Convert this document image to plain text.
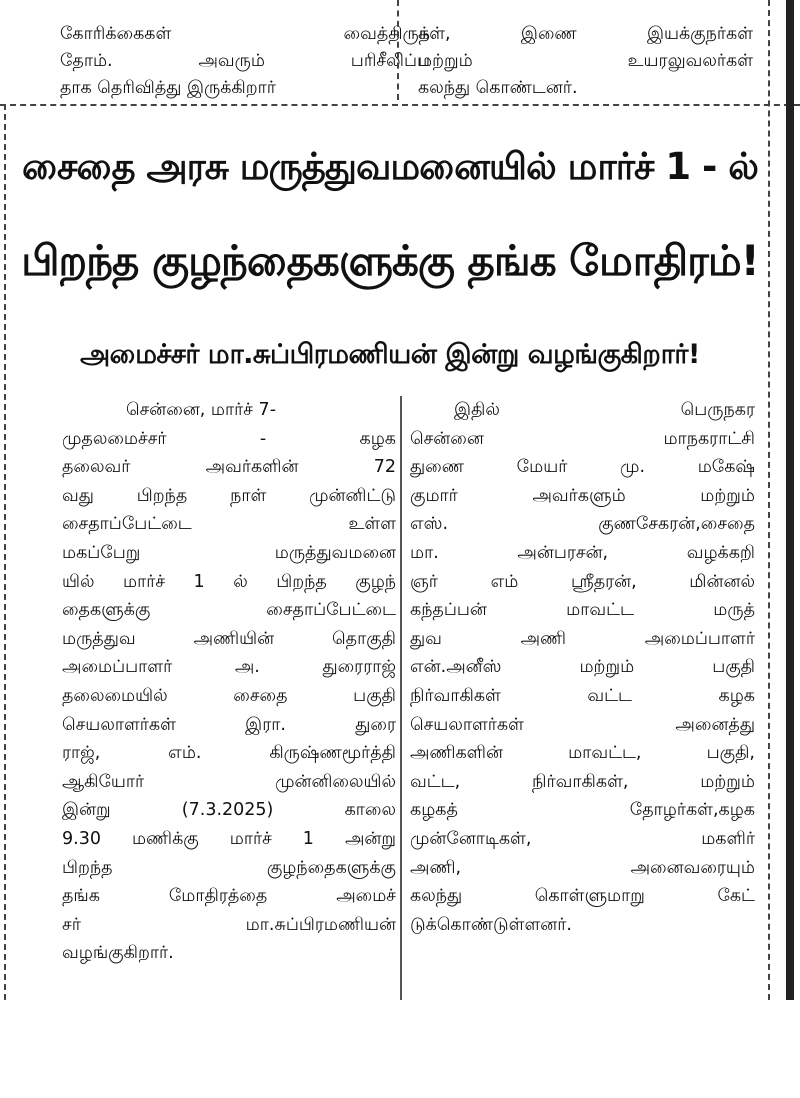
கோரிக்கைகள் வைத்திருந்

தோம். அவரும் பரிசீலிப்ப

தாக தெரிவித்து இருக்கிறார்

கள், இணை இயக்குநர்கள்

மற்றும் உயரலுவலர்கள்

கலந்து கொண்டனர்.

சைதை அரசு மருத்துவமனையில் மார்ச் 1 - ல்
பிறந்த குழந்தைகளுக்கு தங்க மோதிரம்!
அமைச்சர் மா.சுப்பிரமணியன் இன்று வழங்குகிறார்!

சென்னை, மார்ச் 7-

முதலமைச்சர் - கழக

தலைவர் அவர்களின் 72

வது பிறந்த நாள் முன்னிட்டு

சைதாப்பேட்டை உள்ள

மகப்பேறு மருத்துவமனை

யில் மார்ச் 1 ல் பிறந்த குழந்

தைகளுக்கு சைதாப்பேட்டை

மருத்துவ அணியின் தொகுதி

அமைப்பாளர் அ. துரைராஜ்

தலைமையில் சைதை பகுதி

செயலாளர்கள் இரா. துரை

ராஜ், எம். கிருஷ்ணமூர்த்தி

ஆகியோர் முன்னிலையில்

இன்று (7.3.2025) காலை

9.30 மணிக்கு மார்ச் 1 அன்று

பிறந்த குழந்தைகளுக்கு

தங்க மோதிரத்தை அமைச்

சர் மா.சுப்பிரமணியன்

வழங்குகிறார்.

இதில் பெருநகர

சென்னை மாநகராட்சி

துணை மேயர் மு. மகேஷ்

குமார் அவர்களும் மற்றும்

எஸ். குணசேகரன்,சைதை

மா. அன்பரசன், வழக்கறி

ஞர் எம் ஸ்ரீதரன், மின்னல்

கந்தப்பன் மாவட்ட மருத்

துவ அணி அமைப்பாளர்

என்.அனீஸ் மற்றும் பகுதி

நிர்வாகிகள் வட்ட கழக

செயலாளர்கள் அனைத்து

அணிகளின் மாவட்ட, பகுதி,

வட்ட, நிர்வாகிகள், மற்றும்

கழகத் தோழர்கள்,கழக

முன்னோடிகள், மகளிர்

அணி, அனைவரையும்

கலந்து கொள்ளுமாறு கேட்

டுக்கொண்டுள்ளனர்.
